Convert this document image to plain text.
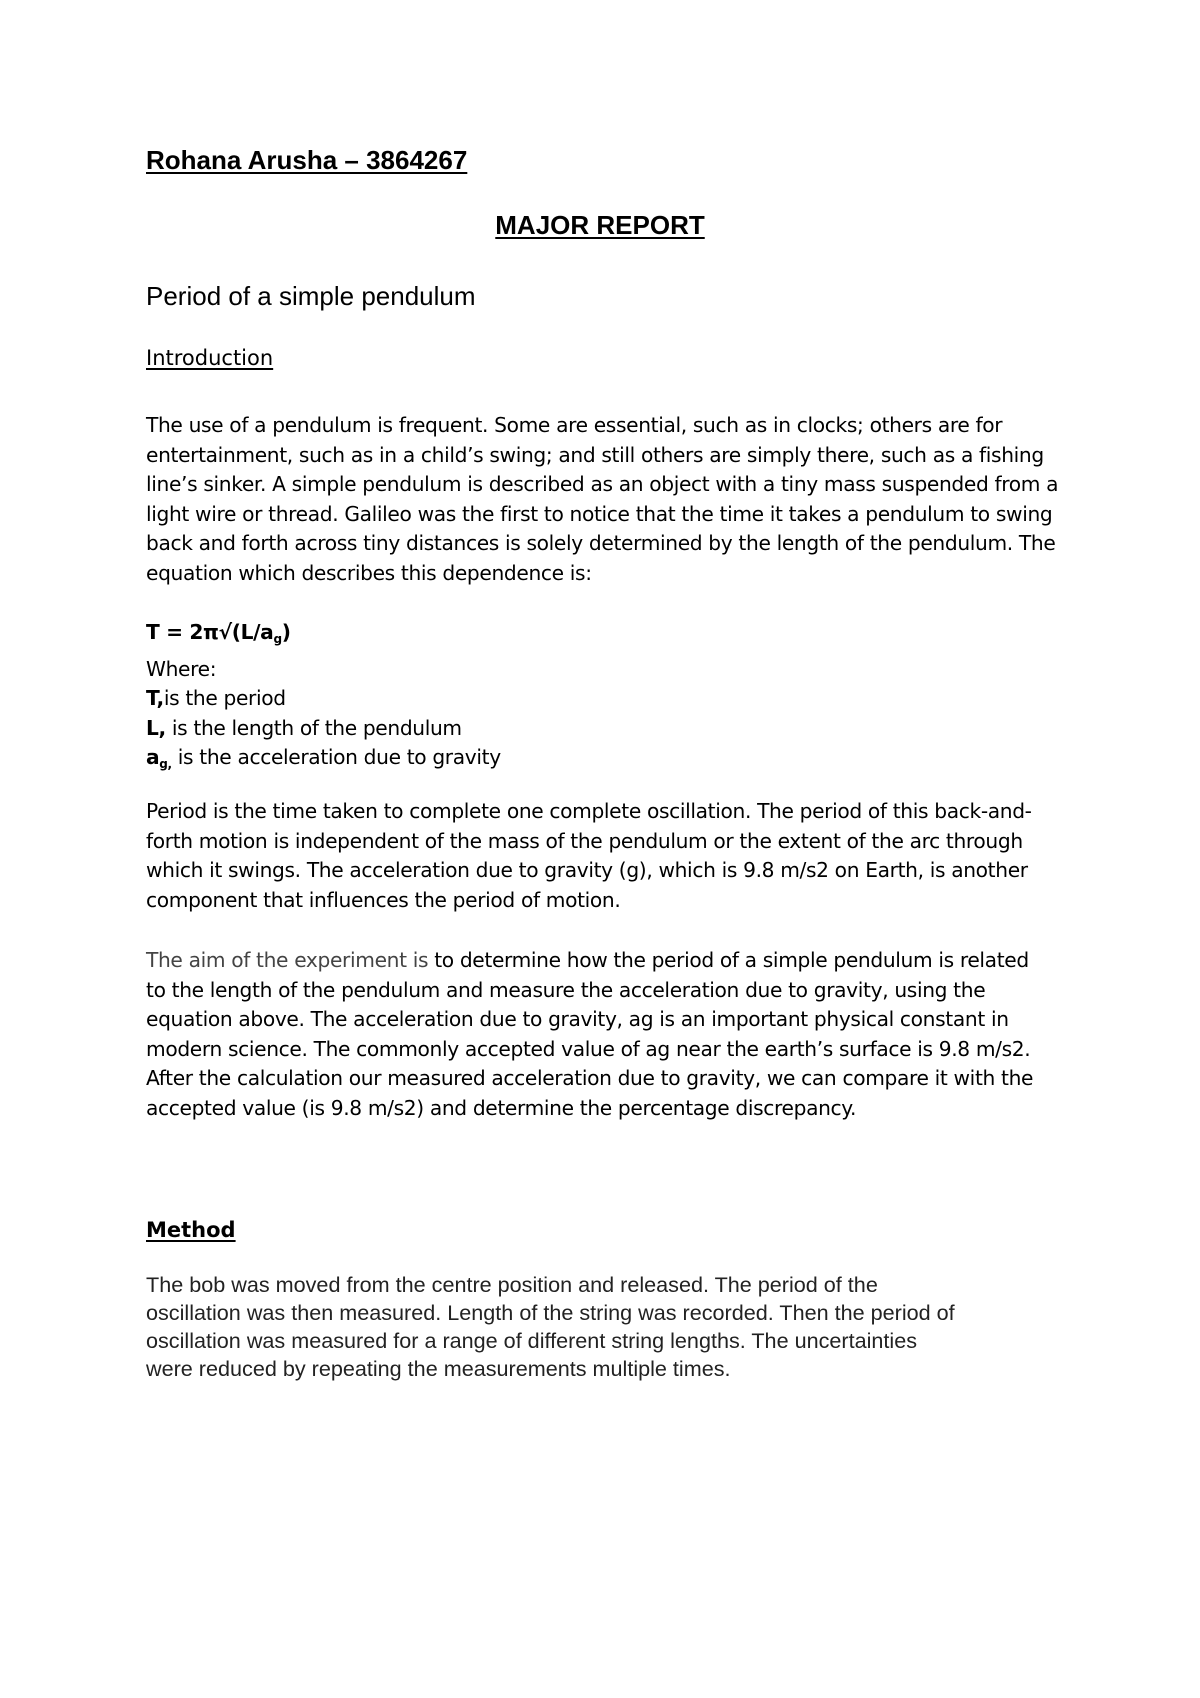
Rohana Arusha – 3864267
MAJOR REPORT
Period of a simple pendulum
Introduction
The use of a pendulum is frequent. Some are essential, such as in clocks; others are for
entertainment, such as in a child’s swing; and still others are simply there, such as a fishing
line’s sinker. A simple pendulum is described as an object with a tiny mass suspended from a
light wire or thread. Galileo was the first to notice that the time it takes a pendulum to swing
back and forth across tiny distances is solely determined by the length of the pendulum. The
equation which describes this dependence is:
$T = 2\pi√(L/a_g)$
Where:
T,is the period
L, is the length of the pendulum
$a_{g,}$ is the acceleration due to gravity
Period is the time taken to complete one complete oscillation. The period of this back-and-
forth motion is independent of the mass of the pendulum or the extent of the arc through
which it swings. The acceleration due to gravity (g), which is 9.8 m/s2 on Earth, is another
component that influences the period of motion.
The aim of the experiment is to determine how the period of a simple pendulum is related
to the length of the pendulum and measure the acceleration due to gravity, using the
equation above. The acceleration due to gravity, ag is an important physical constant in
modern science. The commonly accepted value of ag near the earth’s surface is 9.8 m/s2.
After the calculation our measured acceleration due to gravity, we can compare it with the
accepted value (is 9.8 m/s2) and determine the percentage discrepancy.
Method
The bob was moved from the centre position and released. The period of the
oscillation was then measured. Length of the string was recorded. Then the period of
oscillation was measured for a range of different string lengths. The uncertainties
were reduced by repeating the measurements multiple times.
